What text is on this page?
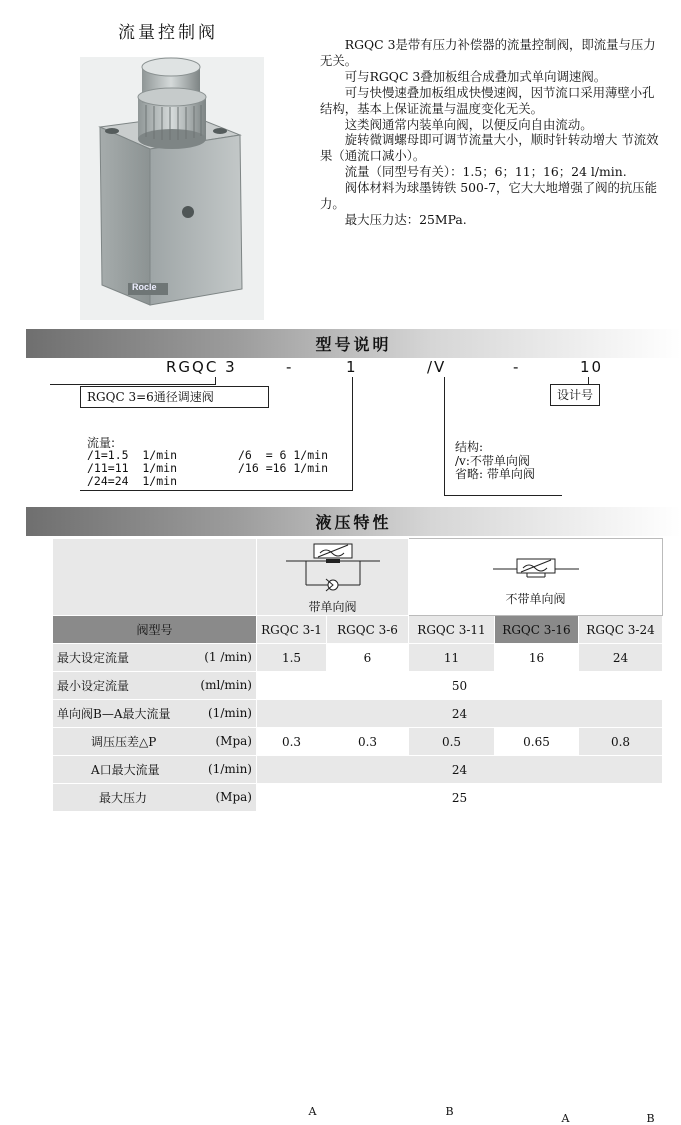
流量控制阀
Rocle

RGQC 3是带有压力补偿器的流量控制阀，即流量与压力无关。

可与RGQC 3叠加板组合成叠加式单向调速阀。

可与快慢速叠加板组成快慢速阀，因节流口采用薄壁小孔结构，基本上保证流量与温度变化无关。

这类阀通常内装单向阀，以便反向自由流动。

旋转微调螺母即可调节流量大小，顺时针转动增大 节流效果（通流口减小）。

流量（同型号有关）：1.5；6；11；16；24 l/min.

阀体材料为球墨铸铁 500-7，它大大地增强了阀的抗压能力。

最大压力达：25MPa.

型号说明
RGQC 3	-	1	/V	-	10
设计号
RGQC 3=6通径调速阀
流量:
/1=1.5  1/min
/11=11  1/min
/24=24  1/min
/6  = 6 1/min
/16 =16 1/min
结构:
/v:不带单向阀
省略: 带单向阀
液压特性

	A B
带单向阀		A B
不带单向阀		

阀型号	RGQC 3-1	RGQC 3-6	RGQC 3-11	RGQC 3-16	RGQC 3-24
最大设定流量 (1 /min)	1.5	6	11	16	24
最小设定流量 (ml/min)	50				
单向阀B—A最大流量 (1/min)	24				
调压压差△P (Mpa)	0.3	0.3	0.5	0.65	0.8
A口最大流量 (1/min)	24				
最大压力 (Mpa)	25				
